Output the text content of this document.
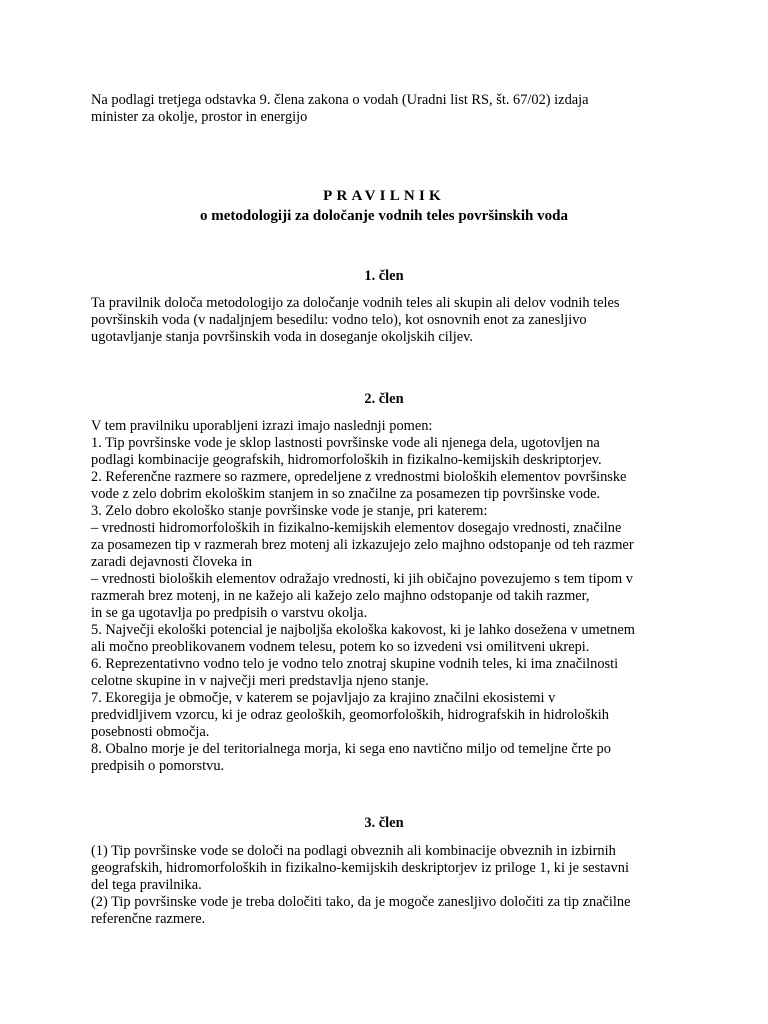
Na podlagi tretjega odstavka 9. člena zakona o vodah (Uradni list RS, št. 67/02) izdaja
minister za okolje, prostor in energijo

PRAVILNIK

o metodologiji za določanje vodnih teles površinskih voda

1. člen

Ta pravilnik določa metodologijo za določanje vodnih teles ali skupin ali delov vodnih teles
površinskih voda (v nadaljnjem besedilu: vodno telo), kot osnovnih enot za zanesljivo
ugotavljanje stanja površinskih voda in doseganje okoljskih ciljev.

2. člen

V tem pravilniku uporabljeni izrazi imajo naslednji pomen:
1. Tip površinske vode je sklop lastnosti površinske vode ali njenega dela, ugotovljen na
podlagi kombinacije geografskih, hidromorfoloških in fizikalno-kemijskih deskriptorjev.
2. Referenčne razmere so razmere, opredeljene z vrednostmi bioloških elementov površinske
vode z zelo dobrim ekološkim stanjem in so značilne za posamezen tip površinske vode.
3. Zelo dobro ekološko stanje površinske vode je stanje, pri katerem:
– vrednosti hidromorfoloških in fizikalno-kemijskih elementov dosegajo vrednosti, značilne
za posamezen tip v razmerah brez motenj ali izkazujejo zelo majhno odstopanje od teh razmer
zaradi dejavnosti človeka in
– vrednosti bioloških elementov odražajo vrednosti, ki jih običajno povezujemo s tem tipom v
razmerah brez motenj, in ne kažejo ali kažejo zelo majhno odstopanje od takih razmer,
in se ga ugotavlja po predpisih o varstvu okolja.
5. Največji ekološki potencial je najboljša ekološka kakovost, ki je lahko dosežena v umetnem
ali močno preoblikovanem vodnem telesu, potem ko so izvedeni vsi omilitveni ukrepi.
6. Reprezentativno vodno telo je vodno telo znotraj skupine vodnih teles, ki ima značilnosti
celotne skupine in v največji meri predstavlja njeno stanje.
7. Ekoregija je območje, v katerem se pojavljajo za krajino značilni ekosistemi v
predvidljivem vzorcu, ki je odraz geoloških, geomorfoloških, hidrografskih in hidroloških
posebnosti območja.
8. Obalno morje je del teritorialnega morja, ki sega eno navtično miljo od temeljne črte po
predpisih o pomorstvu.

3. člen

(1) Tip površinske vode se določi na podlagi obveznih ali kombinacije obveznih in izbirnih
geografskih, hidromorfoloških in fizikalno-kemijskih deskriptorjev iz priloge 1, ki je sestavni
del tega pravilnika.
(2) Tip površinske vode je treba določiti tako, da je mogoče zanesljivo določiti za tip značilne
referenčne razmere.
